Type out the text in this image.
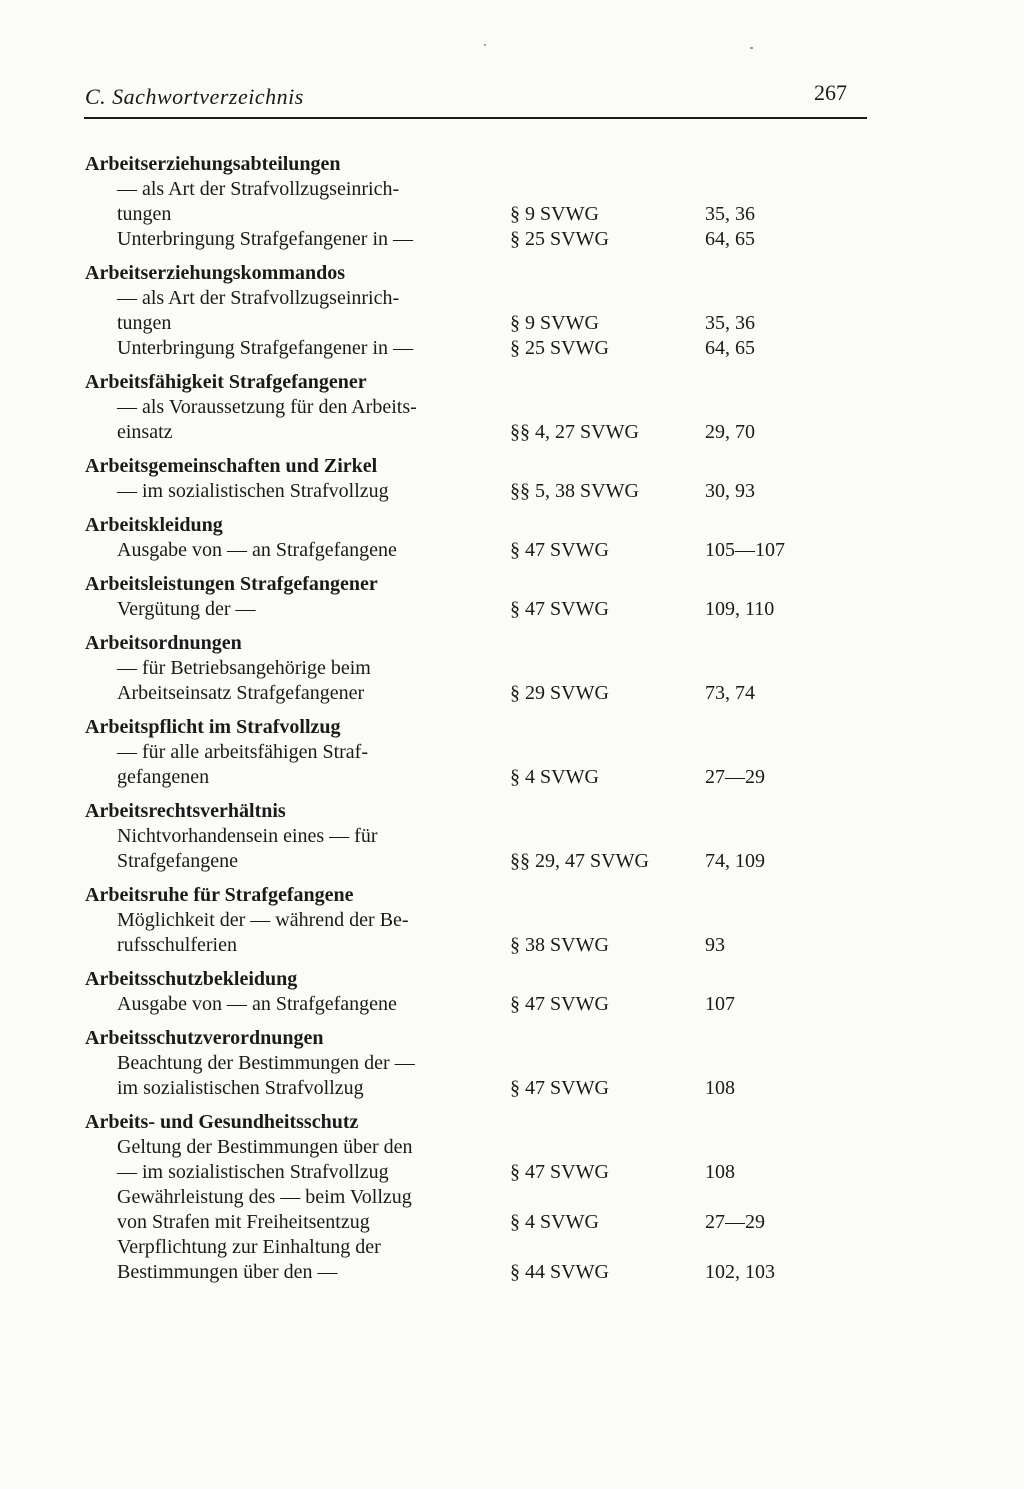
C. Sachwortverzeichnis	267
Arbeitserziehungsabteilungen
— als Art der Strafvollzugseinrich-
tungen	§ 9 SVWG	35, 36
Unterbringung Strafgefangener in —	§ 25 SVWG	64, 65
Arbeitserziehungskommandos
— als Art der Strafvollzugseinrich-
tungen	§ 9 SVWG	35, 36
Unterbringung Strafgefangener in —	§ 25 SVWG	64, 65
Arbeitsfähigkeit Strafgefangener
— als Voraussetzung für den Arbeits-
einsatz	§§ 4, 27 SVWG	29, 70
Arbeitsgemeinschaften und Zirkel
— im sozialistischen Strafvollzug	§§ 5, 38 SVWG	30, 93
Arbeitskleidung
Ausgabe von — an Strafgefangene	§ 47 SVWG	105—107
Arbeitsleistungen Strafgefangener
Vergütung der —	§ 47 SVWG	109, 110
Arbeitsordnungen
— für Betriebsangehörige beim
Arbeitseinsatz Strafgefangener	§ 29 SVWG	73, 74
Arbeitspflicht im Strafvollzug
— für alle arbeitsfähigen Straf-
gefangenen	§ 4 SVWG	27—29
Arbeitsrechtsverhältnis
Nichtvorhandensein eines — für
Strafgefangene	§§ 29, 47 SVWG	74, 109
Arbeitsruhe für Strafgefangene
Möglichkeit der — während der Be-
rufsschulferien	§ 38 SVWG	93
Arbeitsschutzbekleidung
Ausgabe von — an Strafgefangene	§ 47 SVWG	107
Arbeitsschutzverordnungen
Beachtung der Bestimmungen der —
im sozialistischen Strafvollzug	§ 47 SVWG	108
Arbeits- und Gesundheitsschutz
Geltung der Bestimmungen über den
— im sozialistischen Strafvollzug	§ 47 SVWG	108
Gewährleistung des — beim Vollzug
von Strafen mit Freiheitsentzug	§ 4 SVWG	27—29
Verpflichtung zur Einhaltung der
Bestimmungen über den —	§ 44 SVWG	102, 103
